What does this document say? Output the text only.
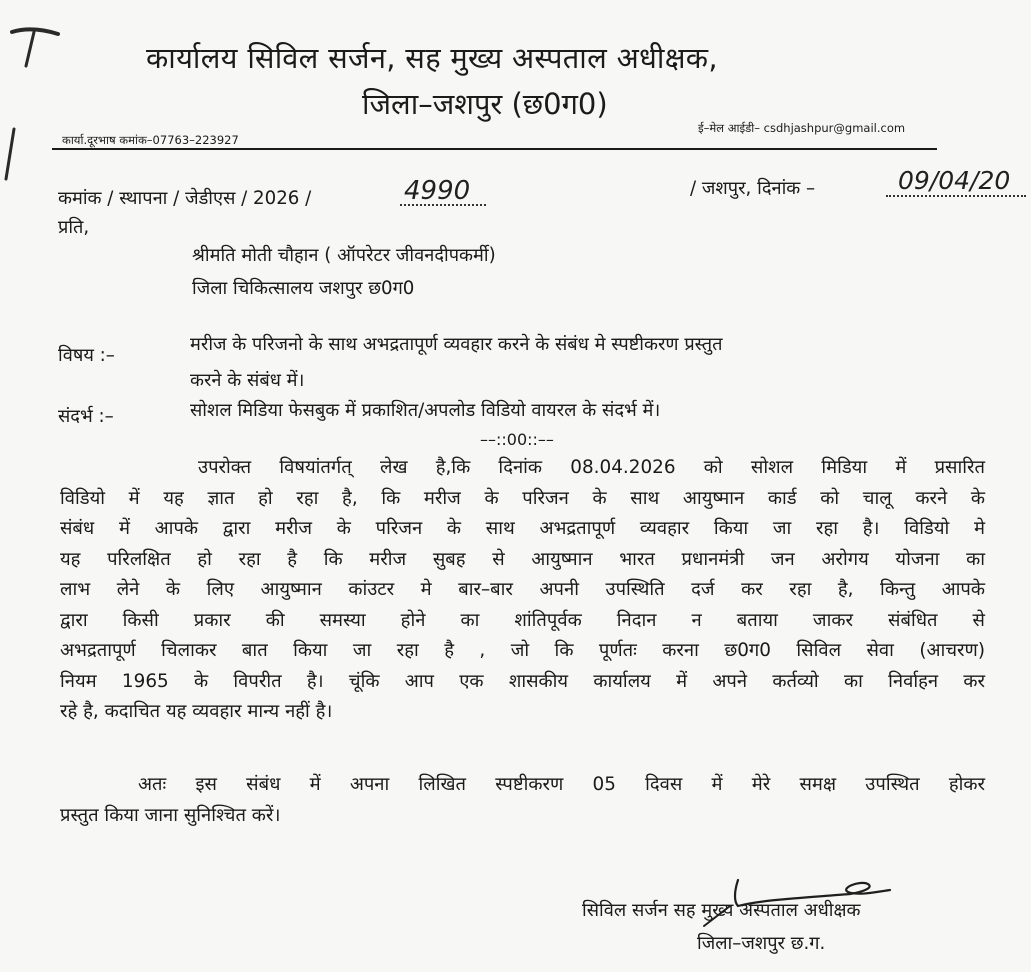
कार्यालय सिविल सर्जन, सह मुख्य अस्पताल अधीक्षक,
जिला–जशपुर (छ0ग0)
कार्या.दूरभाष कमांक–07763–223927
ई–मेल आईडी– csdhjashpur@gmail.com
कमांक / स्थापना / जेडीएस / 2026 /	4990	/ जशपुर, दिनांक –	09/04/20
प्रति,
श्रीमति मोती चौहान ( ऑपरेटर जीवनदीपकर्मी)
जिला चिकित्सालय जशपुर छ0ग0
विषय :–
मरीज के परिजनो के साथ अभद्रतापूर्ण व्यवहार करने के संबंध मे स्पष्टीकरण प्रस्तुत
करने के संबंध में।
संदर्भ :–	सोशल मिडिया फेसबुक में प्रकाशित/अपलोड विडियो वायरल के संदर्भ में।
––::00::––
उपरोक्त विषयांतर्गत् लेख है,कि दिनांक 08.04.2026 को सोशल मिडिया में प्रसारित
विडियो में यह ज्ञात हो रहा है, कि मरीज के परिजन के साथ आयुष्मान कार्ड को चालू करने के
संबंध में आपके द्वारा मरीज के परिजन के साथ अभद्रतापूर्ण व्यवहार किया जा रहा है। विडियो मे
यह परिलक्षित हो रहा है कि मरीज सुबह से आयुष्मान भारत प्रधानमंत्री जन अरोगय योजना का
लाभ लेने के लिए आयुष्मान कांउटर मे बार–बार अपनी उपस्थिति दर्ज कर रहा है, किन्तु आपके
द्वारा किसी प्रकार की समस्या होने का शांतिपूर्वक निदान न बताया जाकर संबंधित से
अभद्रतापूर्ण चिलाकर बात किया जा रहा है , जो कि पूर्णतः करना छ0ग0 सिविल सेवा (आचरण)
नियम 1965 के विपरीत है। चूंकि आप एक शासकीय कार्यालय में अपने कर्तव्यो का निर्वाहन कर
रहे है, कदाचित यह व्यवहार मान्य नहीं है।
अतः इस संबंध में अपना लिखित स्पष्टीकरण 05 दिवस में मेरे समक्ष उपस्थित होकर
प्रस्तुत किया जाना सुनिश्चित करें।
सिविल सर्जन सह मुख्य अस्पताल अधीक्षक
जिला–जशपुर छ.ग.
